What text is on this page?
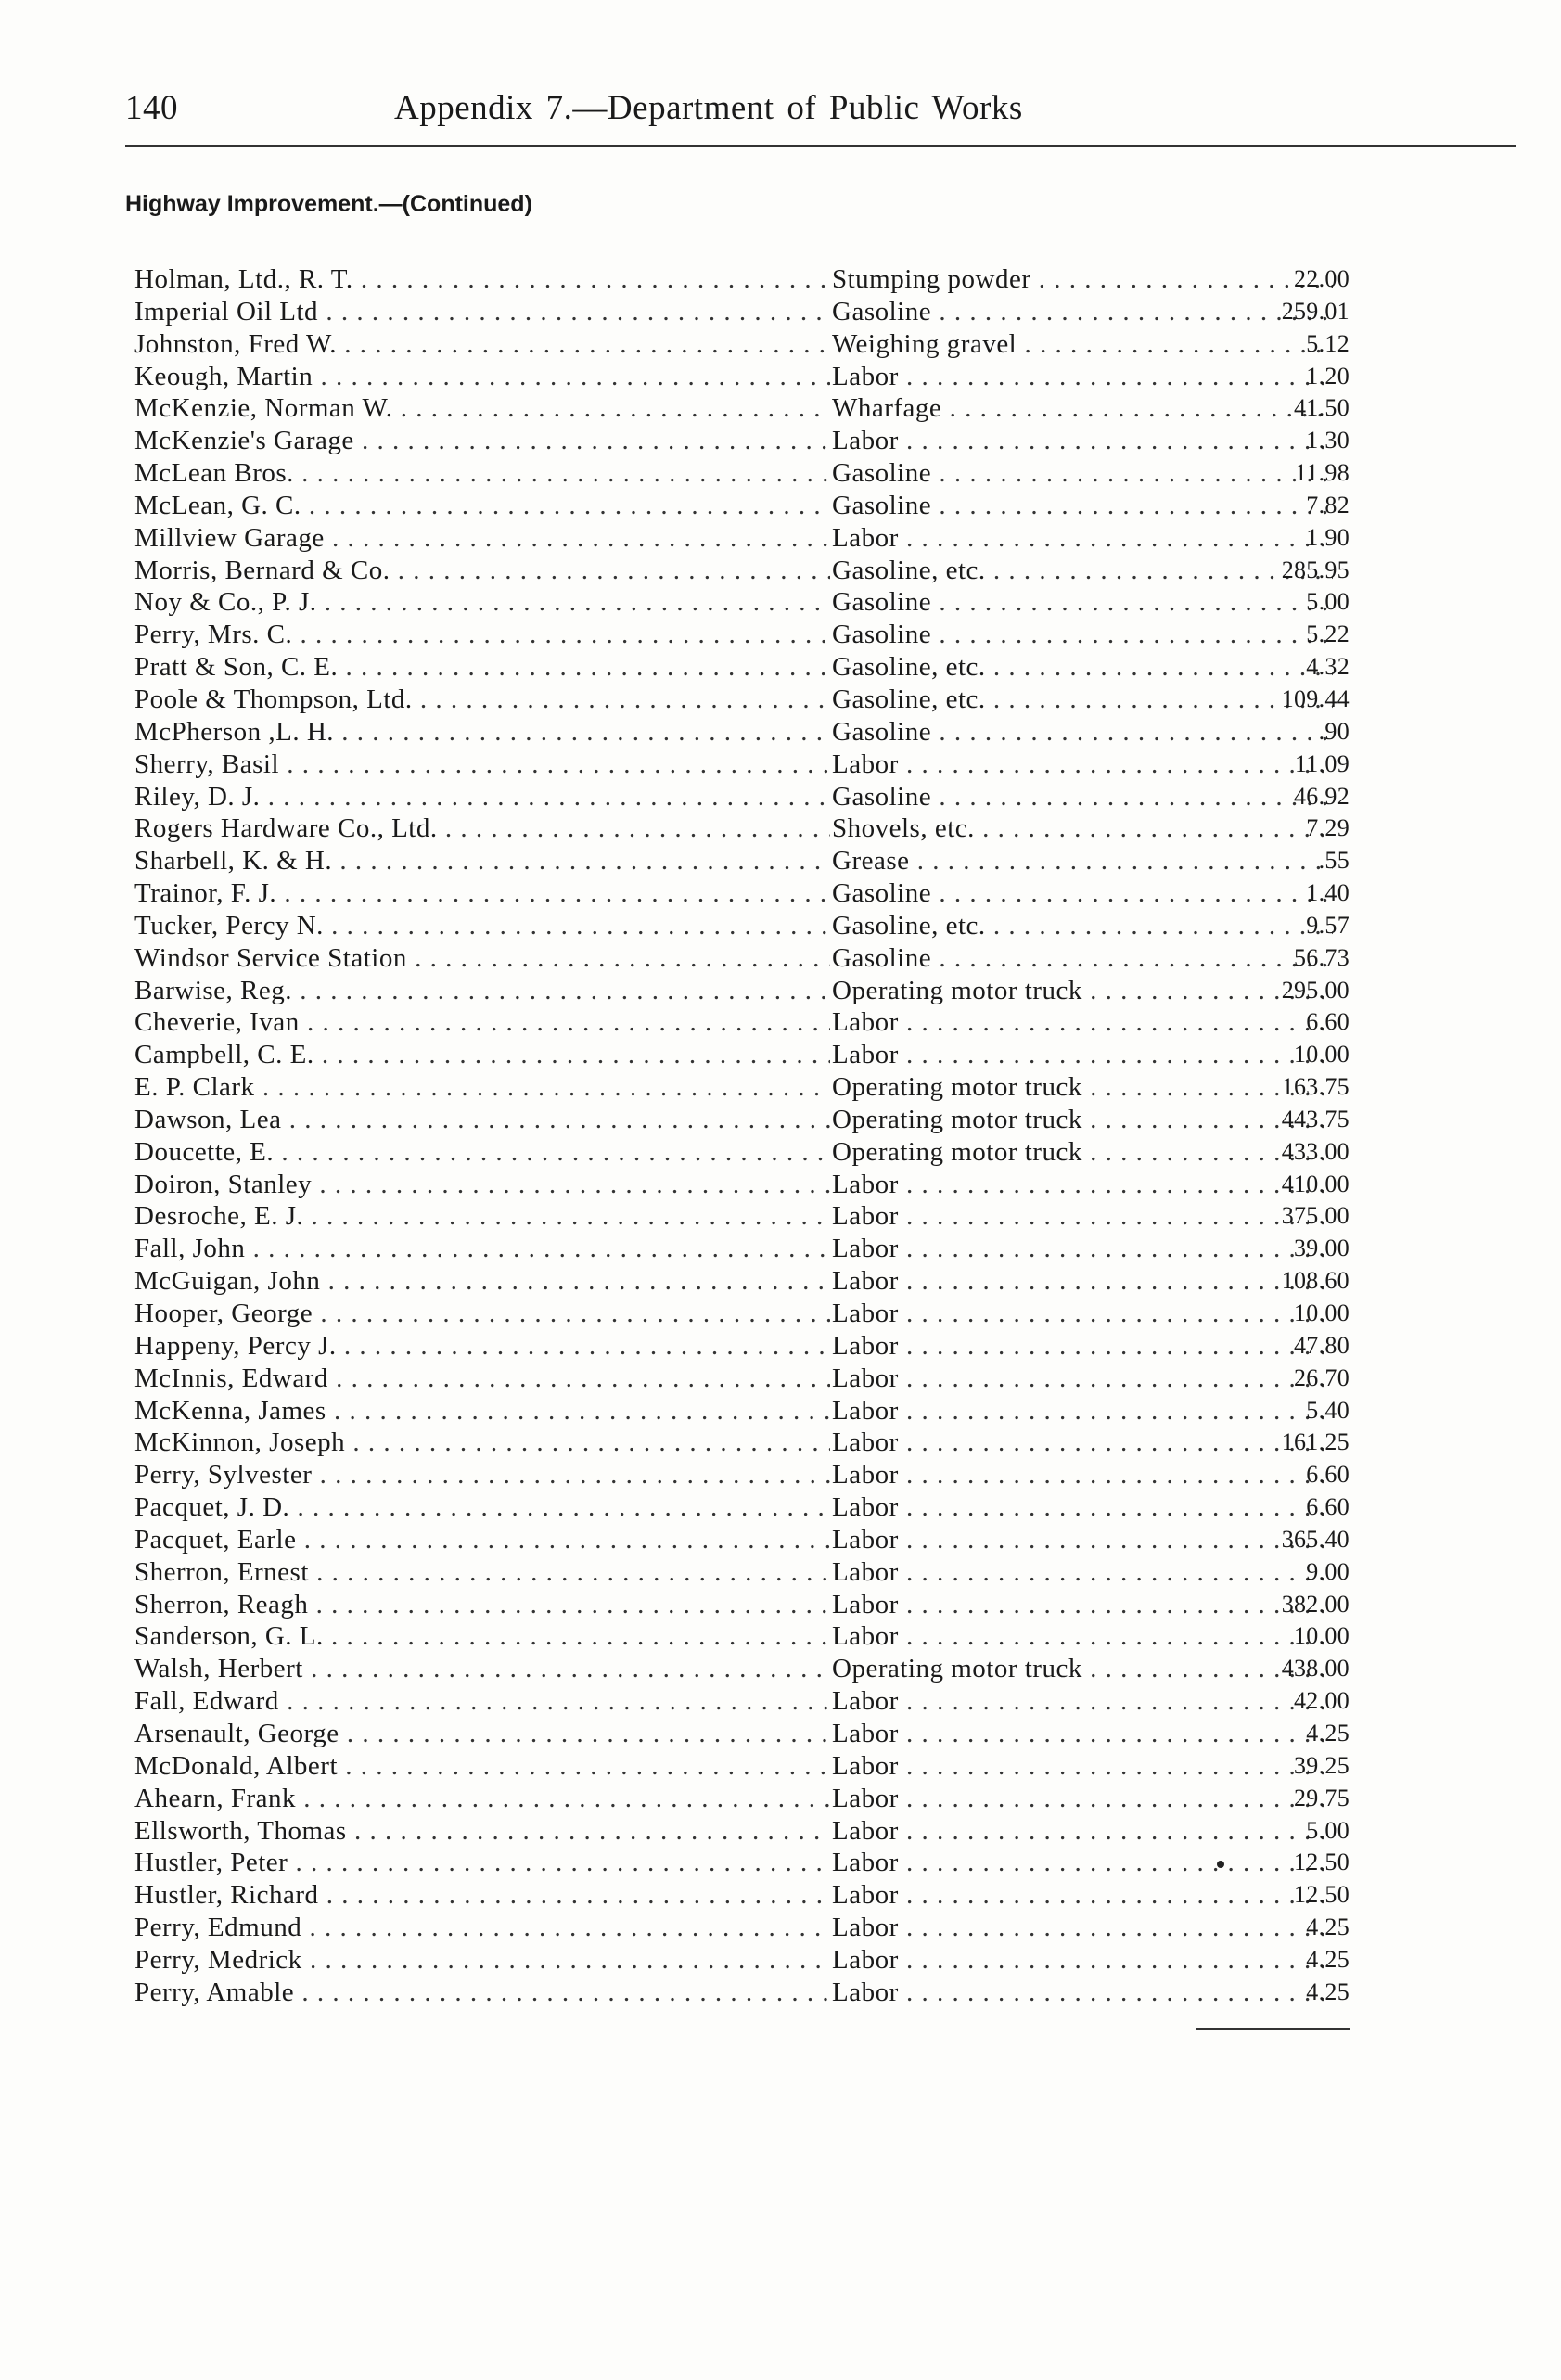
140	Appendix 7.—Department of Public Works
Highway Improvement.—(Continued)
Holman, Ltd., R. T. . . .	Stumping powder . . .	22.00
Imperial Oil Ltd . . .	Gasoline . . .	259.01
Johnston, Fred W. . . .	Weighing gravel . . .	5.12
Keough, Martin . . .	Labor . . .	1.20
McKenzie, Norman W. . . .	Wharfage . . .	41.50
McKenzie's Garage . . .	Labor . . .	1.30
McLean Bros. . . .	Gasoline . . .	11.98
McLean, G. C. . . .	Gasoline . . .	7.82
Millview Garage . . .	Labor . . .	1.90
Morris, Bernard & Co. . . .	Gasoline, etc. . . .	285.95
Noy & Co., P. J. . . .	Gasoline . . .	5.00
Perry, Mrs. C. . . .	Gasoline . . .	5.22
Pratt & Son, C. E. . . .	Gasoline, etc. . . .	4.32
Poole & Thompson, Ltd. . . .	Gasoline, etc. . . .	109.44
McPherson ,L. H. . . .	Gasoline . . .	.90
Sherry, Basil . . .	Labor . . .	11.09
Riley, D. J. . . .	Gasoline . . .	46.92
Rogers Hardware Co., Ltd. . . .	Shovels, etc. . . .	7.29
Sharbell, K. & H. . . .	Grease . . .	.55
Trainor, F. J. . . .	Gasoline . . .	1.40
Tucker, Percy N. . . .	Gasoline, etc. . . .	9.57
Windsor Service Station . . .	Gasoline . . .	56.73
Barwise, Reg. . . .	Operating motor truck . . .	295.00
Cheverie, Ivan . . .	Labor . . .	6.60
Campbell, C. E. . . .	Labor . . .	10.00
E. P. Clark . . .	Operating motor truck . . .	163.75
Dawson, Lea . . .	Operating motor truck . . .	443.75
Doucette, E. . . .	Operating motor truck . . .	433.00
Doiron, Stanley . . .	Labor . . .	410.00
Desroche, E. J. . . .	Labor . . .	375.00
Fall, John . . .	Labor . . .	39.00
McGuigan, John . . .	Labor . . .	108.60
Hooper, George . . .	Labor . . .	10.00
Happeny, Percy J. . . .	Labor . . .	47.80
McInnis, Edward . . .	Labor . . .	26.70
McKenna, James . . .	Labor . . .	5.40
McKinnon, Joseph . . .	Labor . . .	161.25
Perry, Sylvester . . .	Labor . . .	6.60
Pacquet, J. D. . . .	Labor . . .	6.60
Pacquet, Earle . . .	Labor . . .	365.40
Sherron, Ernest . . .	Labor . . .	9.00
Sherron, Reagh . . .	Labor . . .	382.00
Sanderson, G. L. . . .	Labor . . .	10.00
Walsh, Herbert . . .	Operating motor truck . . .	438.00
Fall, Edward . . .	Labor . . .	42.00
Arsenault, George . . .	Labor . . .	4.25
McDonald, Albert . . .	Labor . . .	39.25
Ahearn, Frank . . .	Labor . . .	29.75
Ellsworth, Thomas . . .	Labor . . .	5.00
Hustler, Peter . . .	Labor . . .	12.50
Hustler, Richard . . .	Labor . . .	12.50
Perry, Edmund . . .	Labor . . .	4.25
Perry, Medrick . . .	Labor . . .	4.25
Perry, Amable . . .	Labor . . .	4.25
